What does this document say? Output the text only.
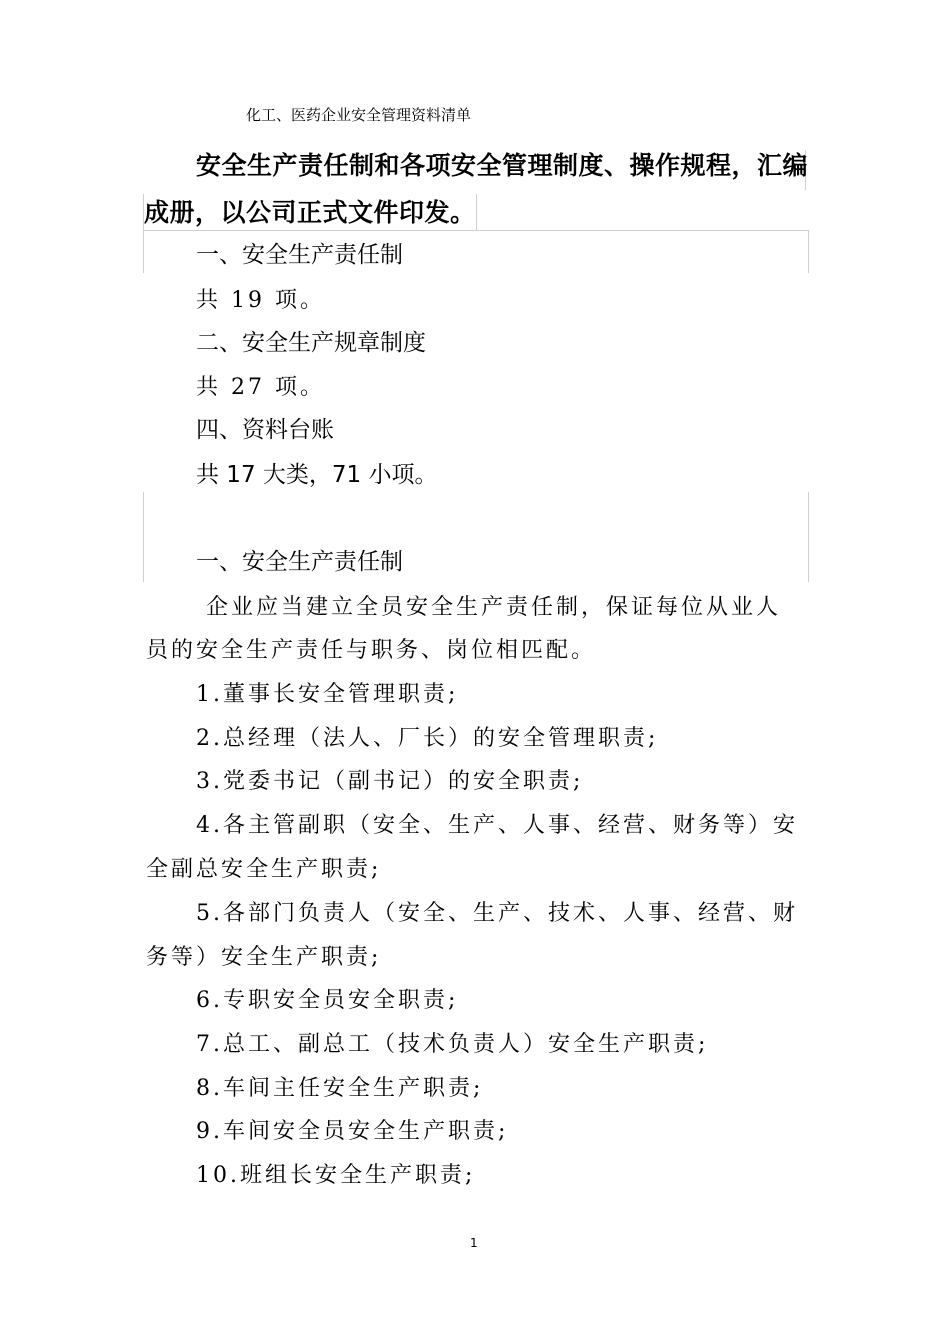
化工、医药企业安全管理资料清单
安全生产责任制和各项安全管理制度、操作规程，汇编
成册，以公司正式文件印发。
一、安全生产责任制
共 19 项。
二、安全生产规章制度
共 27 项。
四、资料台账
共 17 大类，71 小项。
一、安全生产责任制
企业应当建立全员安全生产责任制，保证每位从业人
员的安全生产责任与职务、岗位相匹配。
1.董事长安全管理职责;
2.总经理（法人、厂长）的安全管理职责;
3.党委书记（副书记）的安全职责;
4.各主管副职（安全、生产、人事、经营、财务等）安
全副总安全生产职责;
5.各部门负责人（安全、生产、技术、人事、经营、财
务等）安全生产职责;
6.专职安全员安全职责;
7.总工、副总工（技术负责人）安全生产职责;
8.车间主任安全生产职责;
9.车间安全员安全生产职责;
10.班组长安全生产职责;
1
